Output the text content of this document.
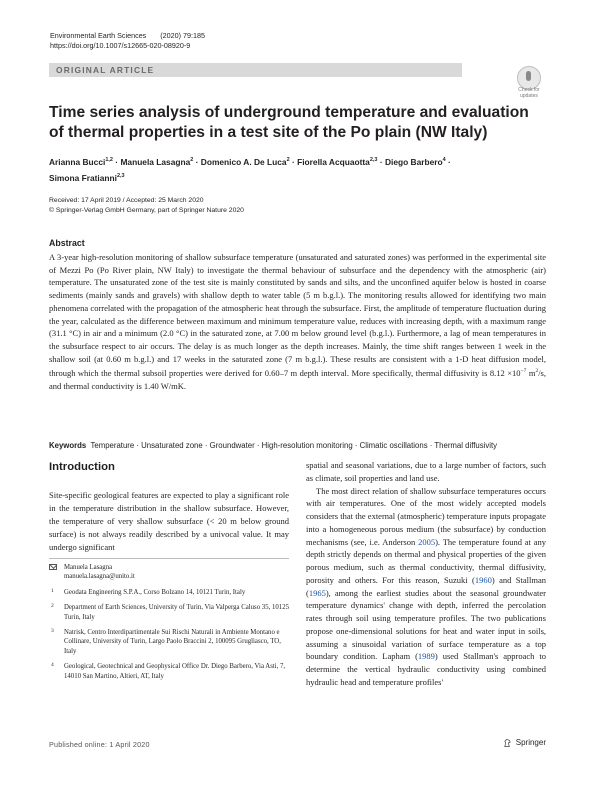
Environmental Earth Sciences (2020) 79:185
https://doi.org/10.1007/s12665-020-08920-9
ORIGINAL ARTICLE
Check for
updates
Time series analysis of underground temperature and evaluation of thermal properties in a test site of the Po plain (NW Italy)
Arianna Bucci$^{1,2}$ · Manuela Lasagna$^2$ · Domenico A. De Luca$^2$ · Fiorella Acquaotta$^{2,3}$ · Diego Barbero$^4$ ·
Simona Fratianni$^{2,3}$
Received: 17 April 2019 / Accepted: 25 March 2020
© Springer-Verlag GmbH Germany, part of Springer Nature 2020
Abstract

A 3-year high-resolution monitoring of shallow subsurface temperature (unsaturated and saturated zones) was performed in the experimental site of Mezzi Po (Po River plain, NW Italy) to investigate the thermal behaviour of subsurface and the dependency with the atmospheric (air) temperature. The unsaturated zone of the test site is mainly constituted by sands and silts, and the unconfined aquifer below is hosted in coarse sediments (mainly sands and gravels) with shallow depth to water table (5 m b.g.l.). The monitoring results allowed for identifying two main phenomena correlated with the propagation of the atmospheric heat through the subsurface. First, the amplitude of temperature fluctuation during the year, calculated as the difference between maximum and minimum temperature value, reduces with increasing depth, with a maximum range (31.1 °C) in air and a minimum (2.0 °C) in the saturated zone, at 7.00 m below ground level (b.g.l.). Furthermore, a lag of mean temperatures in the subsurface respect to air occurs. The delay is as much longer as the depth increases. Mainly, the time shift ranges between 1 week in the shallow soil (at 0.60 m b.g.l.) and 17 weeks in the saturated zone (7 m b.g.l.). These results are consistent with a 1-D heat diffusion model, through which the thermal subsoil properties were derived for 0.60–7 m depth interval. More specifically, thermal diffusivity is $8.12 \times 10^{-7}$ $m^2/s$, and thermal conductivity is 1.40 W/mK.

Keywords Temperature · Unsaturated zone · Groundwater · High-resolution monitoring · Climatic oscillations · Thermal diffusivity
Introduction

Site-specific geological features are expected to play a significant role in the temperature distribution in the shallow subsurface. However, the temperature of very shallow subsurface (< 20 m below ground surface) is not always readily described by a univocal value. It may undergo significant

Manuela Lasagna
manuela.lasagna@unito.it
1 Geodata Engineering S.P.A., Corso Bolzano 14, 10121 Turin, Italy
2 Department of Earth Sciences, University of Turin, Via Valperga Caluso 35, 10125 Turin, Italy
3 Natrisk, Centro Interdipartimentale Sui Rischi Naturali in Ambiente Montano e Collinare, University of Turin, Largo Paolo Braccini 2, 100095 Grugliasco, TO, Italy
4 Geological, Geotechnical and Geophysical Office Dr. Diego Barbero, Via Asti, 7, 14010 San Martino, Altieri, AT, Italy

spatial and seasonal variations, due to a large number of factors, such as climate, soil properties and land use.

The most direct relation of shallow subsurface temperatures occurs with air temperatures. One of the most widely accepted models considers that the external (atmospheric) temperature inputs propagate into a homogeneous porous medium (the subsurface) by conduction mechanisms (see, i.e. Anderson 2005). The temperature found at any depth strictly depends on thermal and physical properties of the given porous medium, such as thermal conductivity, thermal diffusivity, porosity and others. For this reason, Suzuki (1960) and Stallman (1965), among the earliest studies about the seasonal groundwater temperature dynamics' change with depth, inferred the percolation rates through soil using temperature profiles. The two publications propose one-dimensional solutions for heat and water input in soils, assuming a sinusoidal variation of surface temperature as a top boundary condition. Lapham (1989) used Stallman's approach to determine the vertical hydraulic conductivity using combined hydraulic head and temperature profiles'

Published online: 1 April 2020	Springer
